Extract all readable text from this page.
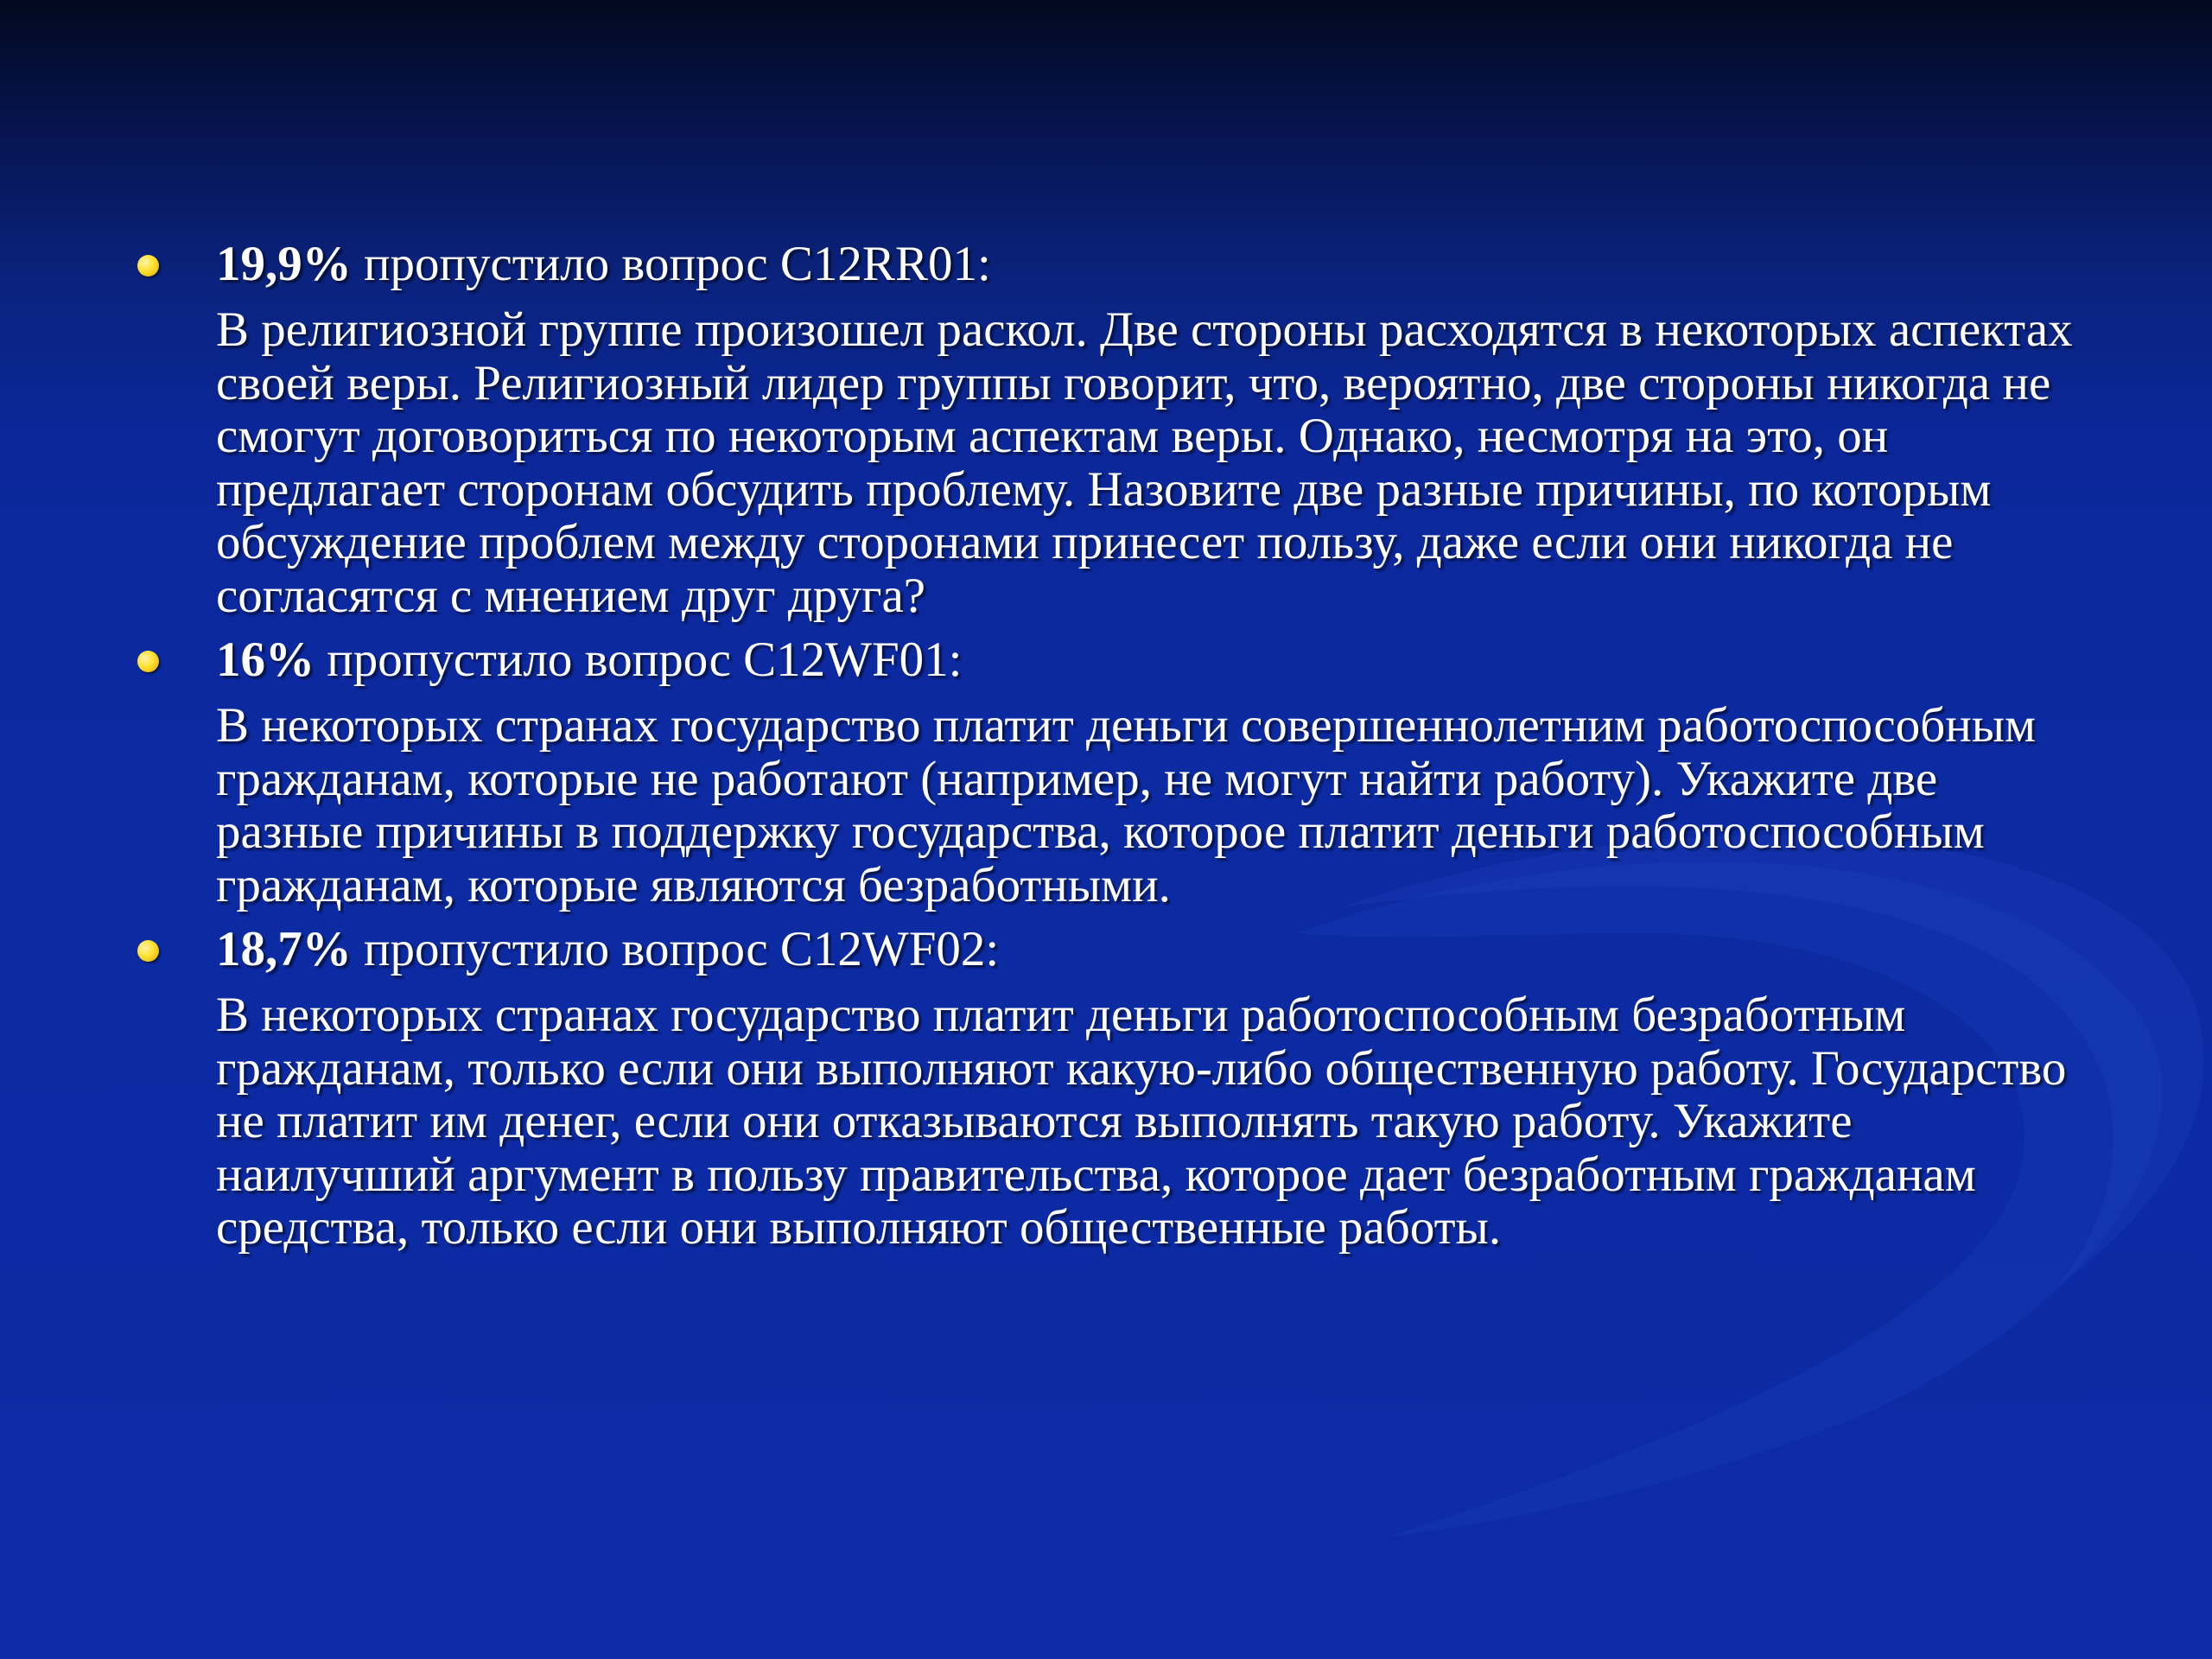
19,9% пропустило вопрос C12RR01:
В религиозной группе произошел раскол. Две стороны расходятся в некоторых аспектах своей веры. Религиозный лидер группы говорит, что, вероятно, две стороны никогда не смогут договориться по некоторым аспектам веры. Однако, несмотря на это, он предлагает сторонам обсудить проблему. Назовите две разные причины, по которым обсуждение проблем между сторонами принесет пользу, даже если они никогда не согласятся с мнением друг друга?
16% пропустило вопрос C12WF01:
В некоторых странах государство платит деньги совершеннолетним работоспособным гражданам, которые не работают (например, не могут найти работу). Укажите две разные причины в поддержку государства, которое платит деньги работоспособным гражданам, которые являются безработными.
18,7% пропустило вопрос C12WF02:
В некоторых странах государство платит деньги работоспособным безработным гражданам, только если они выполняют какую-либо общественную работу. Государство не платит им денег, если они отказываются выполнять такую работу. Укажите наилучший аргумент в пользу правительства, которое дает безработным гражданам средства, только если они выполняют общественные работы.
